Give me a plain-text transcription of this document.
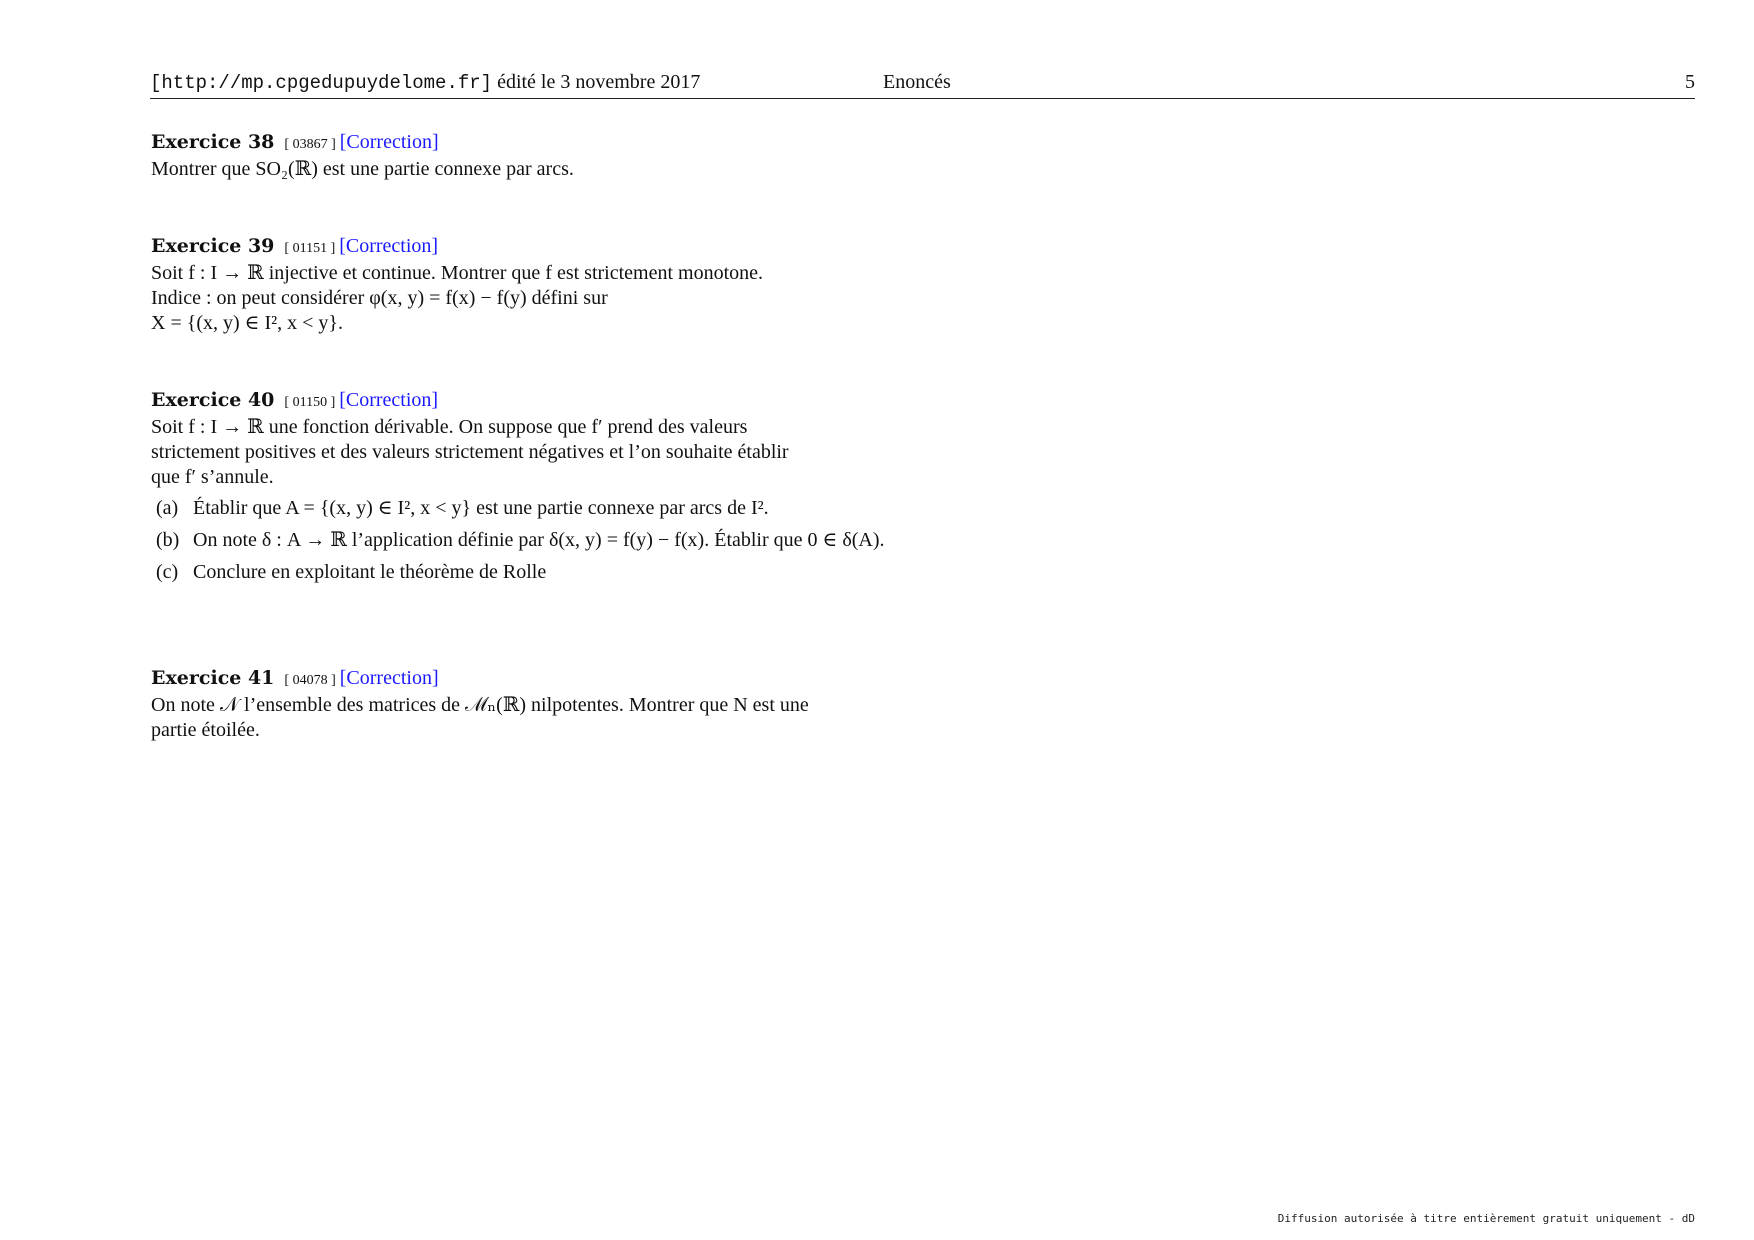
[http://mp.cpgedupuydelome.fr] édité le 3 novembre 2017	Enoncés	5
Exercice 38 [ 03867 ] [Correction]
Montrer que SO₂(ℝ) est une partie connexe par arcs.
Exercice 39 [ 01151 ] [Correction]
Soit f : I → ℝ injective et continue. Montrer que f est strictement monotone.
Indice : on peut considérer φ(x, y) = f(x) − f(y) défini sur
X = {(x, y) ∈ I², x < y}.
Exercice 40 [ 01150 ] [Correction]
Soit f : I → ℝ une fonction dérivable. On suppose que f′ prend des valeurs
strictement positives et des valeurs strictement négatives et l’on souhaite établir
que f′ s’annule.
(a) Établir que A = {(x, y) ∈ I², x < y} est une partie connexe par arcs de I².
(b) On note δ : A → ℝ l’application définie par δ(x, y) = f(y) − f(x). Établir que 0 ∈ δ(A).
(c) Conclure en exploitant le théorème de Rolle
Exercice 41 [ 04078 ] [Correction]
On note 𝒩 l’ensemble des matrices de ℳₙ(ℝ) nilpotentes. Montrer que N est une
partie étoilée.
Diffusion autorisée à titre entièrement gratuit uniquement - dD
